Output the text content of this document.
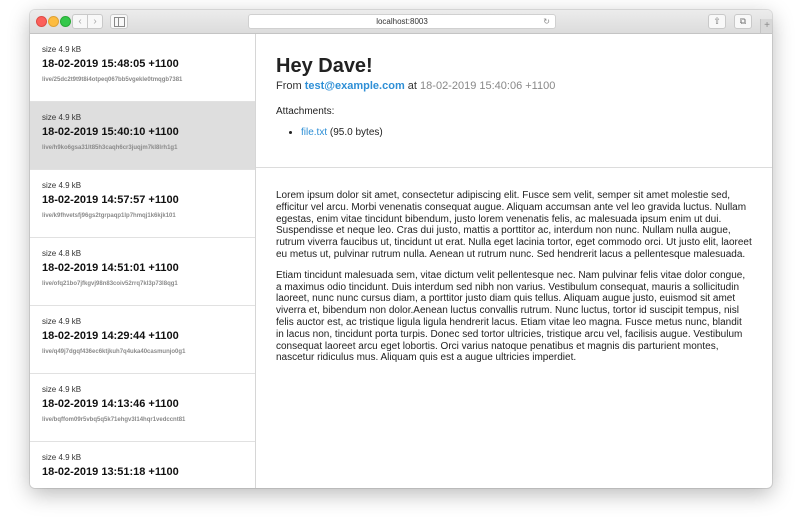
‹	›	localhost:8003	↻	⇧	⧉	+
size 4.9 kB
18-02-2019 15:48:05 +1100
live/25dc2t9t9t8i4otpeq067bb5vgekle0tmqgb7381
size 4.9 kB
18-02-2019 15:40:10 +1100
live/h9ko6gsa31lt85h3caqh6cr3juqjm7kl8lrh1g1
size 4.9 kB
18-02-2019 14:57:57 +1100
live/k9fhvetsfj96gs2tgrpaqp1lp7hmqj1k6kjk101
size 4.8 kB
18-02-2019 14:51:01 +1100
live/ofq21bo7jfkgvj98n83coiv52rrq7kl3p73l8qg1
size 4.9 kB
18-02-2019 14:29:44 +1100
live/q49j7dgqf436ec6ktjkuh7q4uka40casmunjo0g1
size 4.9 kB
18-02-2019 14:13:46 +1100
live/bqffom09r5vbq5q5k71ehgv3l14hqr1vedccnt81
size 4.9 kB
18-02-2019 13:51:18 +1100
Hey Dave!
From test@example.com at 18-02-2019 15:40:06 +1100
Attachments:
• file.txt (95.0 bytes)

Lorem ipsum dolor sit amet, consectetur adipiscing elit. Fusce sem velit, semper sit amet molestie sed, efficitur vel arcu. Morbi venenatis consequat augue. Aliquam accumsan ante vel leo gravida luctus. Nullam egestas, enim vitae tincidunt bibendum, justo lorem venenatis felis, ac malesuada ipsum enim ut dui. Suspendisse et neque leo. Cras dui justo, mattis a porttitor ac, interdum non nunc. Nullam nulla augue, rutrum viverra faucibus ut, tincidunt ut erat. Nulla eget lacinia tortor, eget commodo orci. Ut justo elit, laoreet eu metus ut, pulvinar rutrum nulla. Aenean ut rutrum nunc. Sed hendrerit lacus a pellentesque malesuada.

Etiam tincidunt malesuada sem, vitae dictum velit pellentesque nec. Nam pulvinar felis vitae dolor congue, a maximus odio tincidunt. Duis interdum sed nibh non varius. Vestibulum consequat, mauris a sollicitudin laoreet, nunc nunc cursus diam, a porttitor justo diam quis tellus. Aliquam augue justo, euismod sit amet viverra et, bibendum non dolor.Aenean luctus convallis rutrum. Nunc luctus, tortor id suscipit tempus, nisl felis auctor est, ac tristique ligula ligula hendrerit lacus. Etiam vitae leo magna. Fusce metus nunc, blandit in lacus non, tincidunt porta turpis. Donec sed tortor ultricies, tristique arcu vel, facilisis augue. Vestibulum consequat laoreet arcu eget lobortis. Orci varius natoque penatibus et magnis dis parturient montes, nascetur ridiculus mus. Aliquam quis est a augue ultricies imperdiet.
